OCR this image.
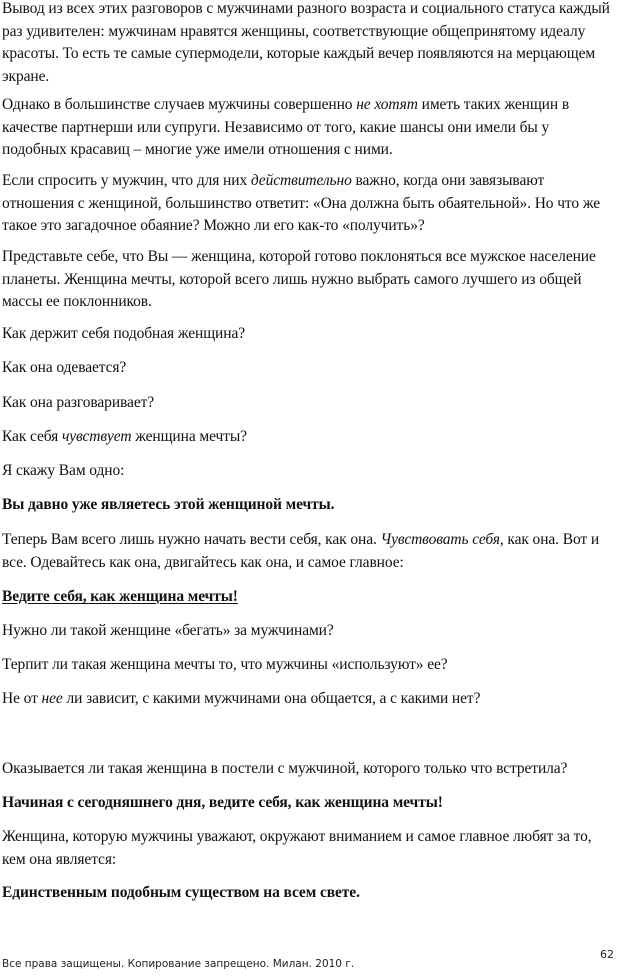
Вывод из всех этих разговоров с мужчинами разного возраста и социального статуса каждый раз удивителен: мужчинам нравятся женщины, соответствующие общепринятому идеалу красоты. То есть те самые супермодели, которые каждый вечер появляются на мерцающем экране.

Однако в большинстве случаев мужчины совершенно не хотят иметь таких женщин в качестве партнерши или супруги. Независимо от того, какие шансы они имели бы у подобных красавиц – многие уже имели отношения с ними.

Если спросить у мужчин, что для них действительно важно, когда они завязывают отношения с женщиной, большинство ответит: «Она должна быть обаятельной». Но что же такое это загадочное обаяние? Можно ли его как-то «получить»?

Представьте себе, что Вы — женщина, которой готово поклоняться все мужское население планеты. Женщина мечты, которой всего лишь нужно выбрать самого лучшего из общей массы ее поклонников.

Как держит себя подобная женщина?

Как она одевается?

Как она разговаривает?

Как себя чувствует женщина мечты?

Я скажу Вам одно:

Вы давно уже являетесь этой женщиной мечты.

Теперь Вам всего лишь нужно начать вести себя, как она. Чувствовать себя, как она. Вот и все. Одевайтесь как она, двигайтесь как она, и самое главное:

Ведите себя, как женщина мечты!

Нужно ли такой женщине «бегать» за мужчинами?

Терпит ли такая женщина мечты то, что мужчины «используют» ее?

Не от нее ли зависит, с какими мужчинами она общается, а с какими нет?

Оказывается ли такая женщина в постели с мужчиной, которого только что встретила?

Начиная с сегодняшнего дня, ведите себя, как женщина мечты!

Женщина, которую мужчины уважают, окружают вниманием и самое главное любят за то, кем она является:

Единственным подобным существом на всем свете.

Все права защищены. Копирование запрещено. Милан. 2010 г.

62
